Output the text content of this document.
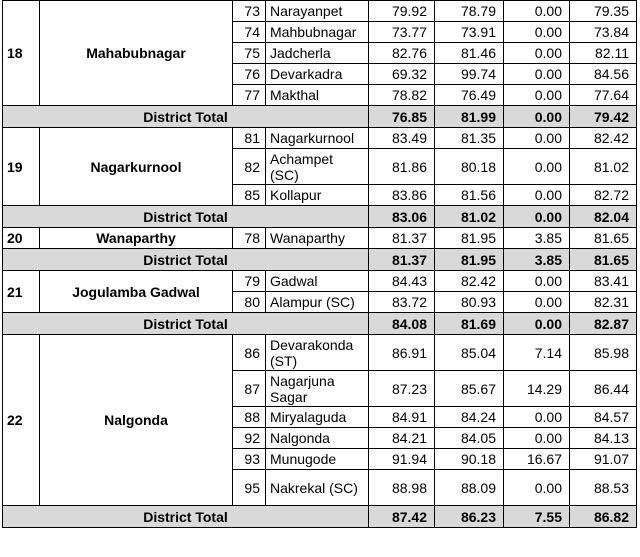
18	Mahabubnagar	73	Narayanpet	79.92	78.79	0.00	79.35
		74	Mahbubnagar	73.77	73.91	0.00	73.84
		75	Jadcherla	82.76	81.46	0.00	82.11
		76	Devarkadra	69.32	99.74	0.00	84.56
		77	Makthal	78.82	76.49	0.00	77.64
District Total				76.85	81.99	0.00	79.42
19	Nagarkurnool	81	Nagarkurnool	83.49	81.35	0.00	82.42
		82	Achampet (SC)	81.86	80.18	0.00	81.02
		85	Kollapur	83.86	81.56	0.00	82.72
District Total				83.06	81.02	0.00	82.04
20	Wanaparthy	78	Wanaparthy	81.37	81.95	3.85	81.65
District Total				81.37	81.95	3.85	81.65
21	Jogulamba Gadwal	79	Gadwal	84.43	82.42	0.00	83.41
		80	Alampur (SC)	83.72	80.93	0.00	82.31
District Total				84.08	81.69	0.00	82.87
22	Nalgonda	86	Devarakonda (ST)	86.91	85.04	7.14	85.98
		87	Nagarjuna Sagar	87.23	85.67	14.29	86.44
		88	Miryalaguda	84.91	84.24	0.00	84.57
		92	Nalgonda	84.21	84.05	0.00	84.13
		93	Munugode	91.94	90.18	16.67	91.07
		95	Nakrekal (SC)	88.98	88.09	0.00	88.53
District Total				87.42	86.23	7.55	86.82
